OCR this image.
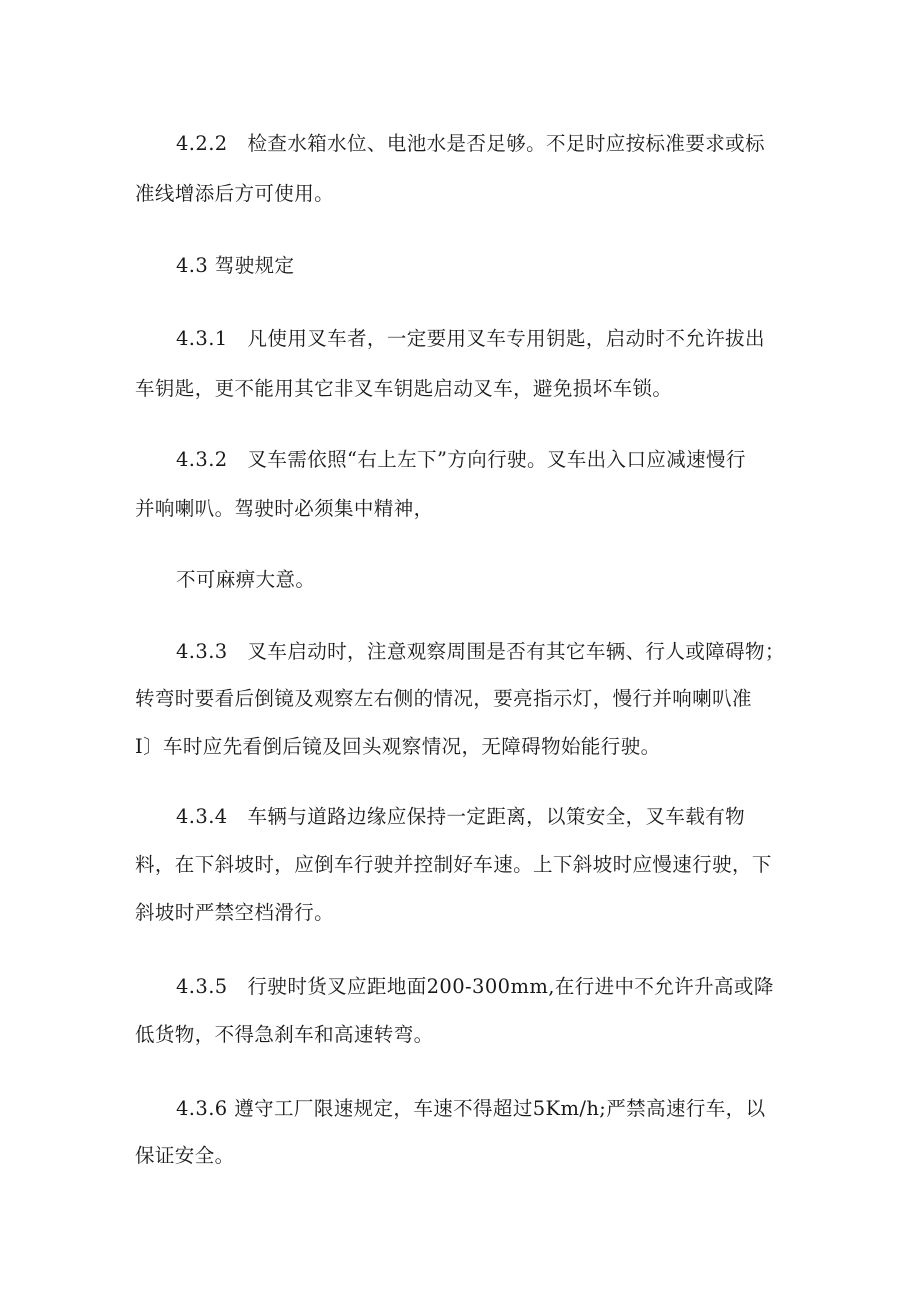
4.2.2　检查水箱水位、电池水是否足够。不足时应按标准要求或标
准线增添后方可使用。
4.3 驾驶规定
4.3.1　凡使用叉车者，一定要用叉车专用钥匙，启动时不允许拔出
车钥匙，更不能用其它非叉车钥匙启动叉车，避免损坏车锁。
4.3.2　叉车需依照“右上左下”方向行驶。叉车出入口应减速慢行
并响喇叭。驾驶时必须集中精神，
不可麻痹大意。
4.3.3　叉车启动时，注意观察周围是否有其它车辆、行人或障碍物；
转弯时要看后倒镜及观察左右侧的情况，要亮指示灯，慢行并响喇叭准
I〕车时应先看倒后镜及回头观察情况，无障碍物始能行驶。
4.3.4　车辆与道路边缘应保持一定距离，以策安全，叉车载有物
料，在下斜坡时，应倒车行驶并控制好车速。上下斜坡时应慢速行驶，下
斜坡时严禁空档滑行。
4.3.5　行驶时货叉应距地面200-300mm,在行进中不允许升高或降
低货物，不得急刹车和高速转弯。
4.3.6 遵守工厂限速规定，车速不得超过5Km/h;严禁高速行车，以
保证安全。
